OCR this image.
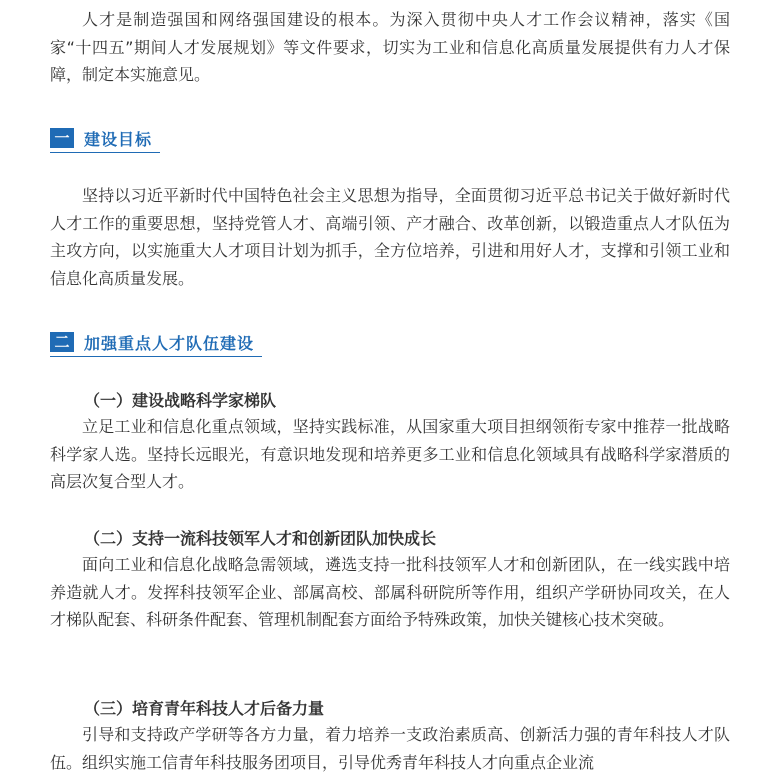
人才是制造强国和网络强国建设的根本。为深入贯彻中央人才工作会议精神，落实《国家“十四五”期间人才发展规划》等文件要求，切实为工业和信息化高质量发展提供有力人才保障，制定本实施意见。

一 建设目标

坚持以习近平新时代中国特色社会主义思想为指导，全面贯彻习近平总书记关于做好新时代人才工作的重要思想，坚持党管人才、高端引领、产才融合、改革创新，以锻造重点人才队伍为主攻方向，以实施重大人才项目计划为抓手，全方位培养，引进和用好人才，支撑和引领工业和信息化高质量发展。

二 加强重点人才队伍建设
（一）建设战略科学家梯队

立足工业和信息化重点领域，坚持实践标准，从国家重大项目担纲领衔专家中推荐一批战略科学家人选。坚持长远眼光，有意识地发现和培养更多工业和信息化领域具有战略科学家潜质的高层次复合型人才。

（二）支持一流科技领军人才和创新团队加快成长

面向工业和信息化战略急需领域，遴选支持一批科技领军人才和创新团队，在一线实践中培养造就人才。发挥科技领军企业、部属高校、部属科研院所等作用，组织产学研协同攻关，在人才梯队配套、科研条件配套、管理机制配套方面给予特殊政策，加快关键核心技术突破。

（三）培育青年科技人才后备力量

引导和支持政产学研等各方力量，着力培养一支政治素质高、创新活力强的青年科技人才队伍。组织实施工信青年科技服务团项目，引导优秀青年科技人才向重点企业流
